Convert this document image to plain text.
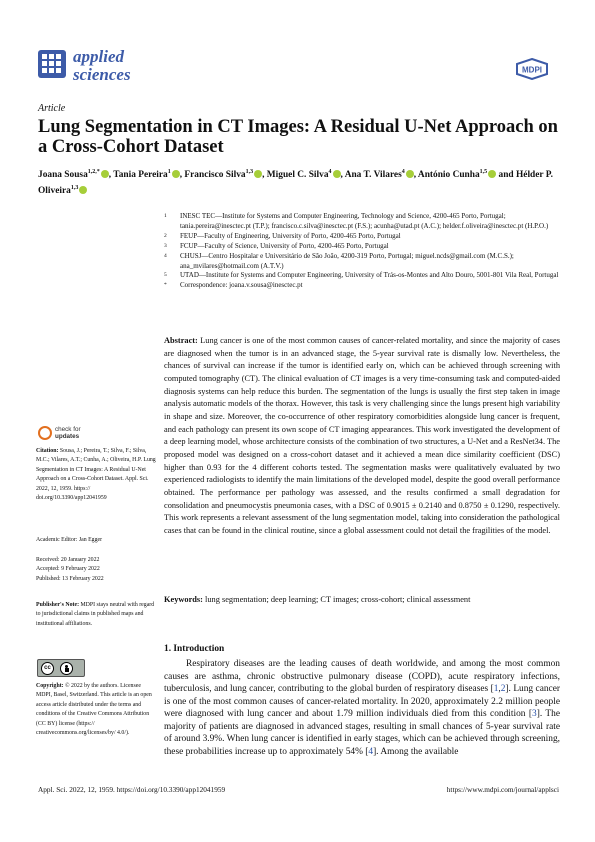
applied
sciences	MDPI
Article
Lung Segmentation in CT Images: A Residual U-Net Approach on a Cross-Cohort Dataset
Joana Sousa$^{1,2,*}$ , Tania Pereira$^1$ , Francisco Silva$^{1,3}$ , Miguel C. Silva$^4$ , Ana T. Vilares$^4$ , António Cunha$^{1,5}$ and Hélder P. Oliveira$^{1,3}$
1	INESC TEC—Institute for Systems and Computer Engineering, Technology and Science, 4200-465 Porto, Portugal; tania.pereira@inesctec.pt (T.P.); francisco.c.silva@inesctec.pt (F.S.); acunha@utad.pt (A.C.); helder.f.oliveira@inesctec.pt (H.P.O.)
2	FEUP—Faculty of Engineering, University of Porto, 4200-465 Porto, Portugal
3	FCUP—Faculty of Science, University of Porto, 4200-465 Porto, Portugal
4	CHUSJ—Centro Hospitalar e Universitário de São João, 4200-319 Porto, Portugal; miguel.ncds@gmail.com (M.C.S.); ana_mvilares@hotmail.com (A.T.V.)
5	UTAD—Institute for Systems and Computer Engineering, University of Trás-os-Montes and Alto Douro, 5001-801 Vila Real, Portugal
*	Correspondence: joana.v.sousa@inesctec.pt
Abstract: Lung cancer is one of the most common causes of cancer-related mortality, and since the majority of cases are diagnosed when the tumor is in an advanced stage, the 5-year survival rate is dismally low. Nevertheless, the chances of survival can increase if the tumor is identified early on, which can be achieved through screening with computed tomography (CT). The clinical evaluation of CT images is a very time-consuming task and computed-aided diagnosis systems can help reduce this burden. The segmentation of the lungs is usually the first step taken in image analysis automatic models of the thorax. However, this task is very challenging since the lungs present high variability in shape and size. Moreover, the co-occurrence of other respiratory comorbidities alongside lung cancer is frequent, and each pathology can present its own scope of CT imaging appearances. This work investigated the development of a deep learning model, whose architecture consists of the combination of two structures, a U-Net and a ResNet34. The proposed model was designed on a cross-cohort dataset and it achieved a mean dice similarity coefficient (DSC) higher than 0.93 for the 4 different cohorts tested. The segmentation masks were qualitatively evaluated by two experienced radiologists to identify the main limitations of the developed model, despite the good overall performance obtained. The performance per pathology was assessed, and the results confirmed a small degradation for consolidation and pneumocystis pneumonia cases, with a DSC of 0.9015 ± 0.2140 and 0.8750 ± 0.1290, respectively. This work represents a relevant assessment of the lung segmentation model, taking into consideration the pathological cases that can be found in the clinical routine, since a global assessment could not detail the fragilities of the model.
Keywords: lung segmentation; deep learning; CT images; cross-cohort; clinical assessment
check for
updates
Citation: Sousa, J.; Pereira, T.; Silva, F.; Silva, M.C.; Vilares, A.T.; Cunha, A.; Oliveira, H.P. Lung Segmentation in CT Images: A Residual U-Net Approach on a Cross-Cohort Dataset. Appl. Sci. 2022, 12, 1959. https:// doi.org/10.3390/app12041959
Academic Editor: Jan Egger
Received: 20 January 2022
Accepted: 9 February 2022
Published: 13 February 2022
Publisher's Note: MDPI stays neutral with regard to jurisdictional claims in published maps and institutional affiliations.
cc
Copyright: © 2022 by the authors. Licensee MDPI, Basel, Switzerland. This article is an open access article distributed under the terms and conditions of the Creative Commons Attribution (CC BY) license (https:// creativecommons.org/licenses/by/ 4.0/).
1. Introduction
Respiratory diseases are the leading causes of death worldwide, and among the most common causes are asthma, chronic obstructive pulmonary disease (COPD), acute respiratory infections, tuberculosis, and lung cancer, contributing to the global burden of respiratory diseases [1,2]. Lung cancer is one of the most common causes of cancer-related mortality. In 2020, approximately 2.2 million people were diagnosed with lung cancer and about 1.79 million individuals died from this condition [3]. The majority of patients are diagnosed in advanced stages, resulting in small chances of 5-year survival rate of around 3.9%. When lung cancer is identified in early stages, which can be achieved through screening, these probabilities increase up to approximately 54% [4]. Among the available
Appl. Sci. 2022, 12, 1959. https://doi.org/10.3390/app12041959	https://www.mdpi.com/journal/applsci
